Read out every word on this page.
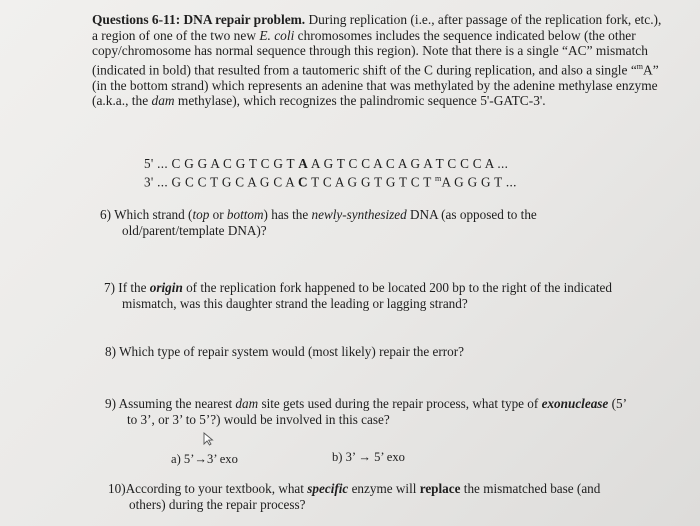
Questions 6-11: DNA repair problem. During replication (i.e., after passage of the replication fork, etc.), a region of one of the two new E. coli chromosomes includes the sequence indicated below (the other copy/chromosome has normal sequence through this region). Note that there is a single “AC” mismatch (indicated in bold) that resulted from a tautomeric shift of the C during replication, and also a single “$^m$A” (in the bottom strand) which represents an adenine that was methylated by the adenine methylase enzyme (a.k.a., the dam methylase), which recognizes the palindromic sequence 5'-GATC-3'.
5' ... C G G A C G T C G T A A G T C C A C A G A T C C C A ...
3' ... G C C T G C A G C A C T C A G G T G T C T $^m$A G G G T ...
6) Which strand (top or bottom) has the newly-synthesized DNA (as opposed to the
old/parent/template DNA)?
7) If the origin of the replication fork happened to be located 200 bp to the right of the indicated
mismatch, was this daughter strand the leading or lagging strand?
8) Which type of repair system would (most likely) repair the error?
9) Assuming the nearest dam site gets used during the repair process, what type of exonuclease (5’
to 3’, or 3’ to 5’?) would be involved in this case?
a) 5’→3’ exo	b) 3’ → 5’ exo
10)According to your textbook, what specific enzyme will replace the mismatched base (and
others) during the repair process?
